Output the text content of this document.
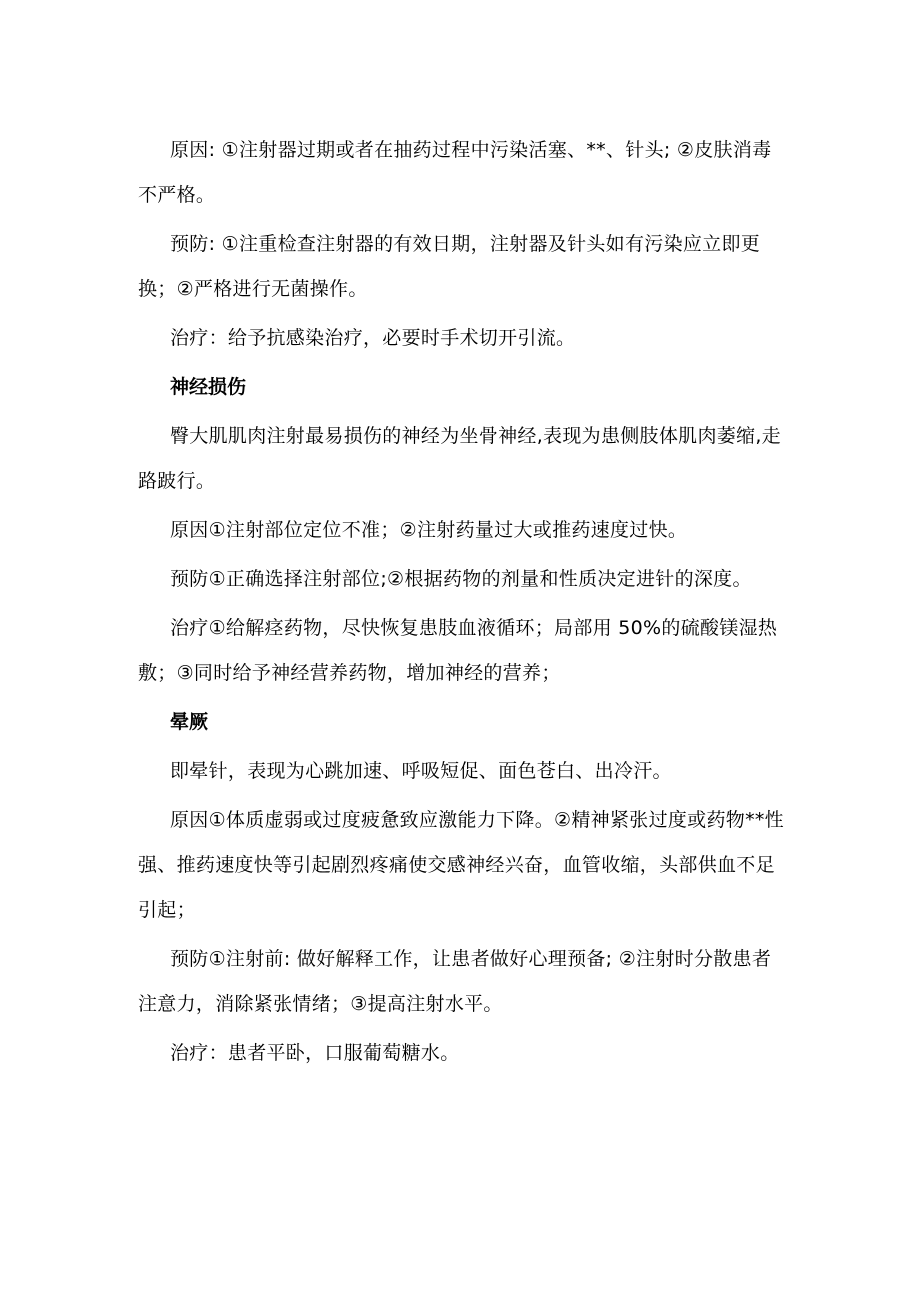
原因: ①注射器过期或者在抽药过程中污染活塞、**、针头; ②皮肤消毒不严格。

预防: ①注重检查注射器的有效日期，注射器及针头如有污染应立即更换；②严格进行无菌操作。

治疗：给予抗感染治疗，必要时手术切开引流。

神经损伤

臀大肌肌肉注射最易损伤的神经为坐骨神经,表现为患侧肢体肌肉萎缩,走路跛行。

原因①注射部位定位不准；②注射药量过大或推药速度过快。

预防①正确选择注射部位;②根据药物的剂量和性质决定进针的深度。

治疗①给解痉药物，尽快恢复患肢血液循环；局部用 50%的硫酸镁湿热敷；③同时给予神经营养药物，增加神经的营养；

晕厥

即晕针，表现为心跳加速、呼吸短促、面色苍白、出冷汗。

原因①体质虚弱或过度疲惫致应激能力下降。②精神紧张过度或药物**性强、推药速度快等引起剧烈疼痛使交感神经兴奋，血管收缩，头部供血不足引起；

预防①注射前: 做好解释工作，让患者做好心理预备; ②注射时分散患者注意力，消除紧张情绪；③提高注射水平。

治疗：患者平卧，口服葡萄糖水。
